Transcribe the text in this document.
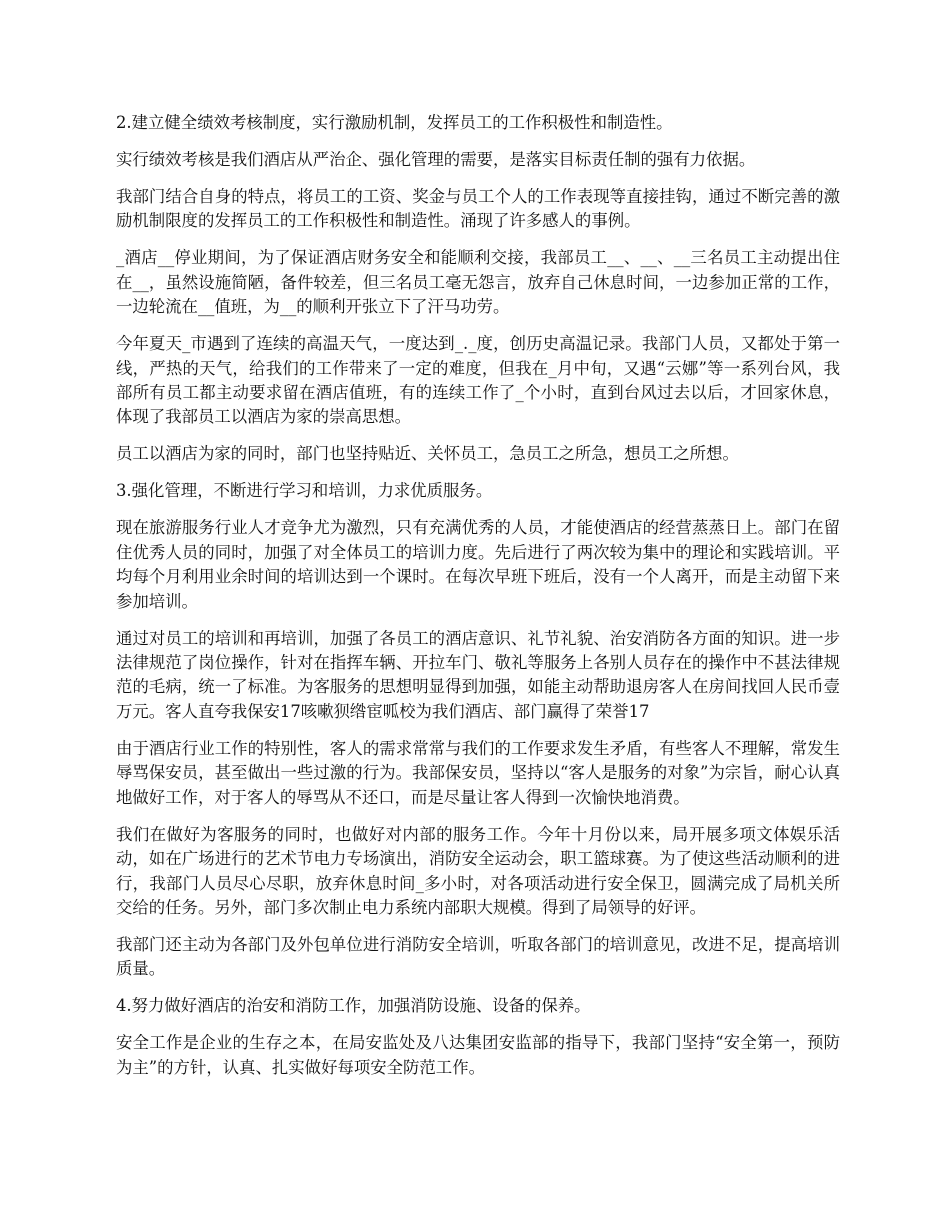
2.建立健全绩效考核制度，实行激励机制，发挥员工的工作积极性和制造性。

实行绩效考核是我们酒店从严治企、强化管理的需要，是落实目标责任制的强有力依据。

我部门结合自身的特点，将员工的工资、奖金与员工个人的工作表现等直接挂钩，通过不断完善的激励机制限度的发挥员工的工作积极性和制造性。涌现了许多感人的事例。

_酒店__停业期间，为了保证酒店财务安全和能顺利交接，我部员工__、__、__三名员工主动提出住在__，虽然设施简陋，备件较差，但三名员工毫无怨言，放弃自己休息时间，一边参加正常的工作，一边轮流在__值班，为__的顺利开张立下了汗马功劳。

今年夏天_市遇到了连续的高温天气，一度达到_._度，创历史高温记录。我部门人员，又都处于第一线，严热的天气，给我们的工作带来了一定的难度，但我在_月中旬，又遇“云娜”等一系列台风，我部所有员工都主动要求留在酒店值班，有的连续工作了_个小时，直到台风过去以后，才回家休息，体现了我部员工以酒店为家的崇高思想。

员工以酒店为家的同时，部门也坚持贴近、关怀员工，急员工之所急，想员工之所想。

3.强化管理，不断进行学习和培训，力求优质服务。

现在旅游服务行业人才竞争尤为激烈，只有充满优秀的人员，才能使酒店的经营蒸蒸日上。部门在留住优秀人员的同时，加强了对全体员工的培训力度。先后进行了两次较为集中的理论和实践培训。平均每个月利用业余时间的培训达到一个课时。在每次早班下班后，没有一个人离开，而是主动留下来参加培训。

通过对员工的培训和再培训，加强了各员工的酒店意识、礼节礼貌、治安消防各方面的知识。进一步法律规范了岗位操作，针对在指挥车辆、开拉车门、敬礼等服务上各别人员存在的操作中不甚法律规范的毛病，统一了标准。为客服务的思想明显得到加强，如能主动帮助退房客人在房间找回人民币壹万元。客人直夸我保安17咳嗽狈绺宦呱校为我们酒店、部门赢得了荣誉17

由于酒店行业工作的特别性，客人的需求常常与我们的工作要求发生矛盾，有些客人不理解，常发生辱骂保安员，甚至做出一些过激的行为。我部保安员，坚持以“客人是服务的对象”为宗旨，耐心认真地做好工作，对于客人的辱骂从不还口，而是尽量让客人得到一次愉快地消费。

我们在做好为客服务的同时，也做好对内部的服务工作。今年十月份以来，局开展多项文体娱乐活动，如在广场进行的艺术节电力专场演出，消防安全运动会，职工篮球赛。为了使这些活动顺利的进行，我部门人员尽心尽职，放弃休息时间_多小时，对各项活动进行安全保卫，圆满完成了局机关所交给的任务。另外，部门多次制止电力系统内部职大规模。得到了局领导的好评。

我部门还主动为各部门及外包单位进行消防安全培训，听取各部门的培训意见，改进不足，提高培训质量。

4.努力做好酒店的治安和消防工作，加强消防设施、设备的保养。

安全工作是企业的生存之本，在局安监处及八达集团安监部的指导下，我部门坚持“安全第一，预防为主”的方针，认真、扎实做好每项安全防范工作。
